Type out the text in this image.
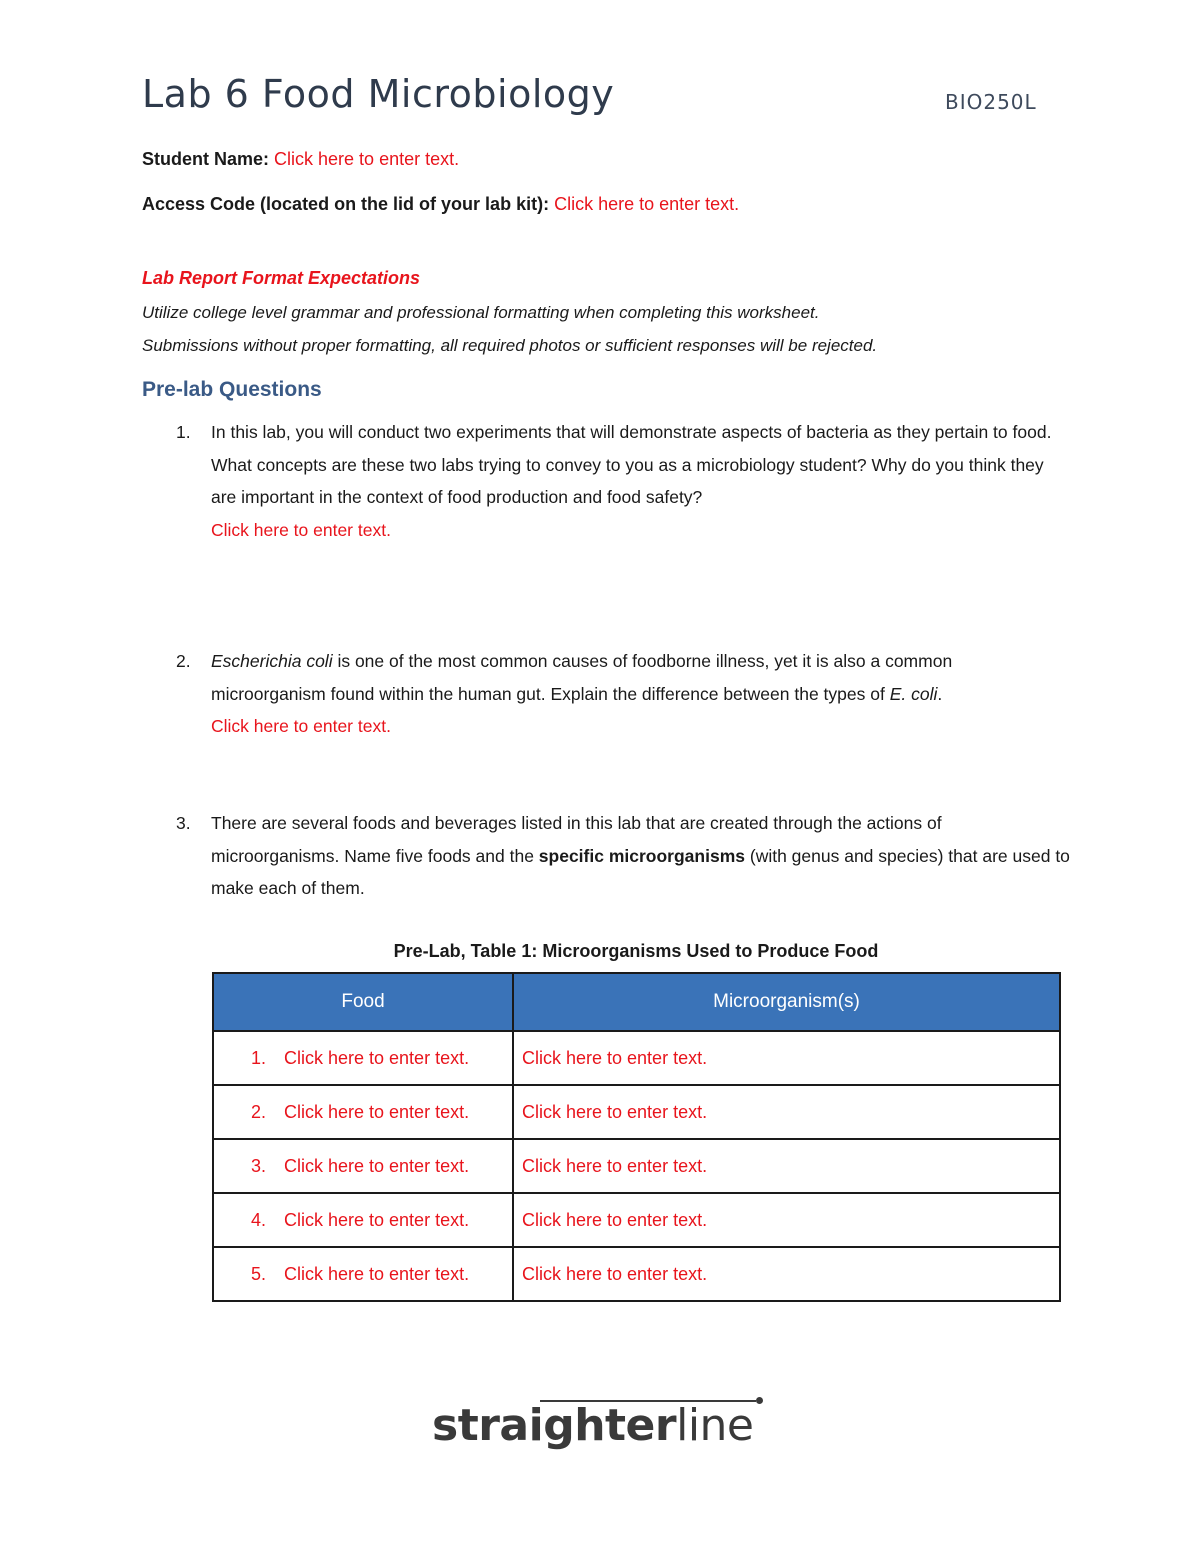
Lab 6 Food Microbiology	BIO250L
Student Name: Click here to enter text.
Access Code (located on the lid of your lab kit): Click here to enter text.
Lab Report Format Expectations
Utilize college level grammar and professional formatting when completing this worksheet.
Submissions without proper formatting, all required photos or sufficient responses will be rejected.
Pre-lab Questions
1. In this lab, you will conduct two experiments that will demonstrate aspects of bacteria as they pertain to food. What concepts are these two labs trying to convey to you as a microbiology student? Why do you think they are important in the context of food production and food safety?
Click here to enter text.
2. Escherichia coli is one of the most common causes of foodborne illness, yet it is also a common microorganism found within the human gut. Explain the difference between the types of E. coli.
Click here to enter text.
3. There are several foods and beverages listed in this lab that are created through the actions of microorganisms. Name five foods and the specific microorganisms (with genus and species) that are used to make each of them.
Pre-Lab, Table 1: Microorganisms Used to Produce Food
Food	Microorganism(s)
1. Click here to enter text.	Click here to enter text.
2. Click here to enter text.	Click here to enter text.
3. Click here to enter text.	Click here to enter text.
4. Click here to enter text.	Click here to enter text.
5. Click here to enter text.	Click here to enter text.
straighterline
